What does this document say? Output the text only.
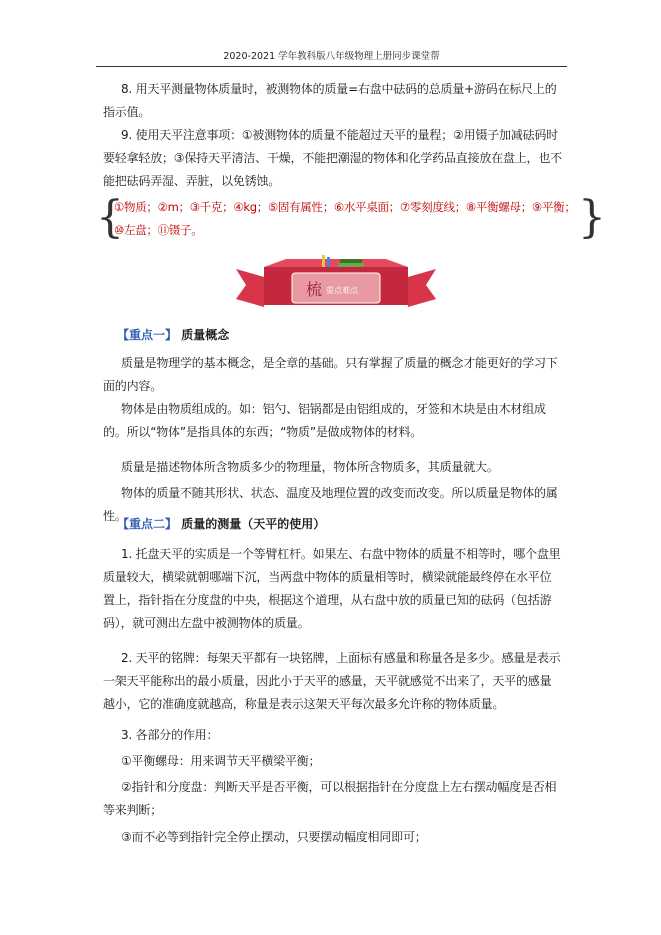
2020-2021 学年教科版八年级物理上册同步课堂帮

8. 用天平测量物体质量时，被测物体的质量=右盘中砝码的总质量+游码在标尺上的指示值。

9. 使用天平注意事项：①被测物体的质量不能超过天平的量程；②用镊子加减砝码时要轻拿轻放；③保持天平清洁、干燥，不能把潮湿的物体和化学药品直接放在盘上，也不能把砝码弄湿、弄脏，以免锈蚀。

{
①物质；②m；③千克；④kg；⑤固有属性；⑥水平桌面；⑦零刻度线；⑧平衡螺母；⑨平衡；
⑩左盘；⑪镊子。	}
梳 重点难点
【重点一】 质量概念

质量是物理学的基本概念，是全章的基础。只有掌握了质量的概念才能更好的学习下面的内容。

物体是由物质组成的。如：铝勺、铝锅都是由铝组成的，牙签和木块是由木材组成的。所以“物体”是指具体的东西；“物质”是做成物体的材料。

质量是描述物体所含物质多少的物理量，物体所含物质多，其质量就大。

物体的质量不随其形状、状态、温度及地理位置的改变而改变。所以质量是物体的属性。

【重点二】 质量的测量（天平的使用）

1. 托盘天平的实质是一个等臂杠杆。如果左、右盘中物体的质量不相等时，哪个盘里质量较大，横梁就朝哪端下沉，当两盘中物体的质量相等时，横梁就能最终停在水平位置上，指针指在分度盘的中央，根据这个道理，从右盘中放的质量已知的砝码（包括游码），就可测出左盘中被测物体的质量。

2. 天平的铭牌：每架天平都有一块铭牌，上面标有感量和称量各是多少。感量是表示一架天平能称出的最小质量，因此小于天平的感量，天平就感觉不出来了，天平的感量越小，它的准确度就越高，称量是表示这架天平每次最多允许称的物体质量。

3. 各部分的作用：

①平衡螺母：用来调节天平横梁平衡；

②指针和分度盘：判断天平是否平衡，可以根据指针在分度盘上左右摆动幅度是否相等来判断；

③而不必等到指针完全停止摆动，只要摆动幅度相同即可；
